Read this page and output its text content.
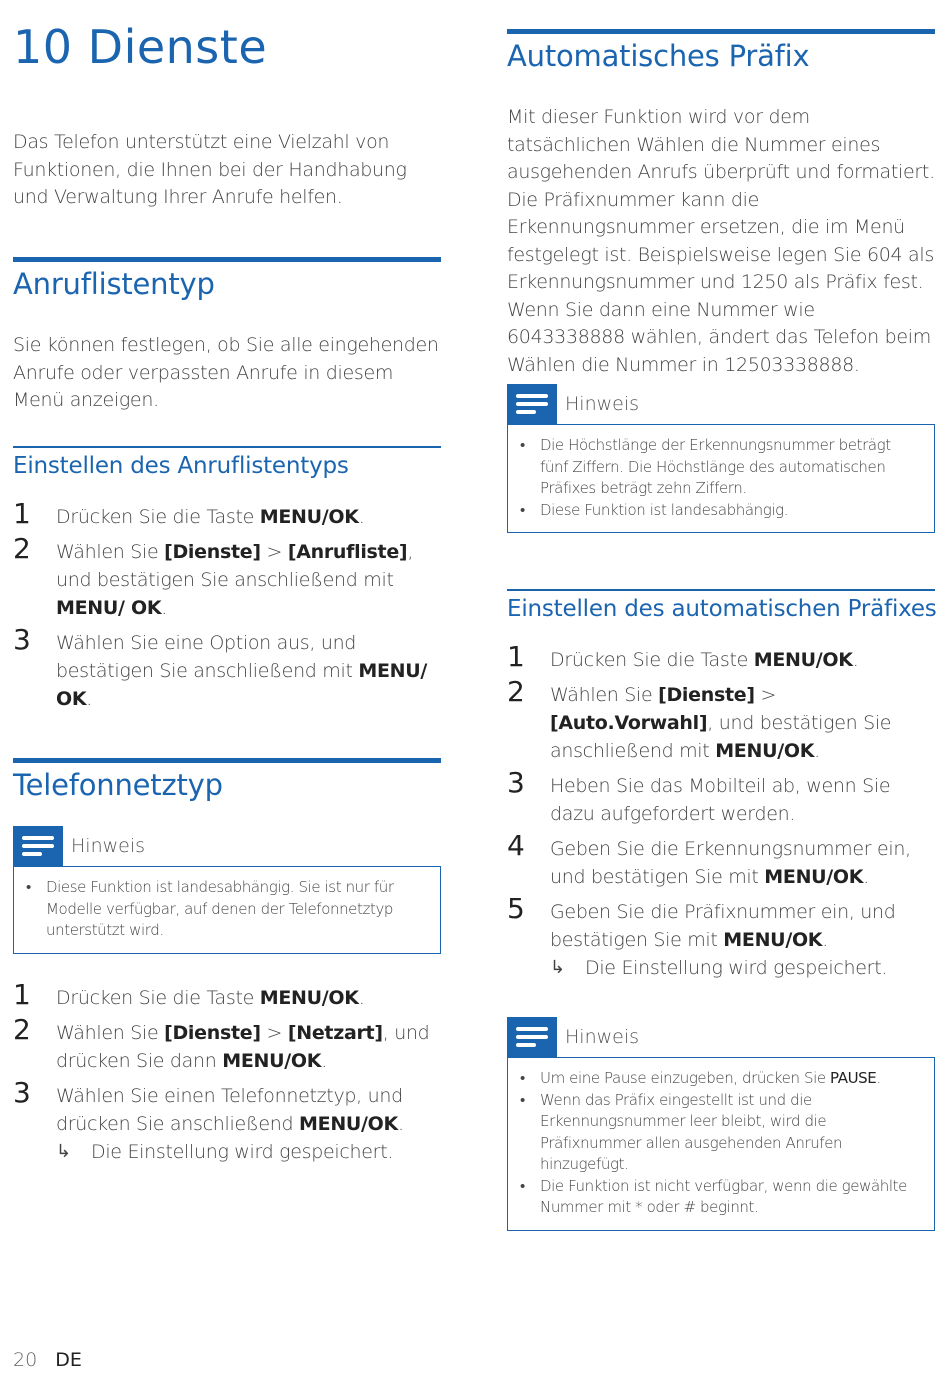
10 Dienste

Das Telefon unterstützt eine Vielzahl von Funktionen, die Ihnen bei der Handhabung und Verwaltung Ihrer Anrufe helfen.

Anruflistentyp

Sie können festlegen, ob Sie alle eingehenden Anrufe oder verpassten Anrufe in diesem Menü anzeigen.

Einstellen des Anruflistentyps
1 Drücken Sie die Taste MENU/OK.
2 Wählen Sie [Dienste] > [Anrufliste], und bestätigen Sie anschließend mit MENU/ OK.
3 Wählen Sie eine Option aus, und bestätigen Sie anschließend mit MENU/ OK.
Telefonnetztyp
Hinweis
• Diese Funktion ist landesabhängig. Sie ist nur für Modelle verfügbar, auf denen der Telefonnetztyp unterstützt wird.
1 Drücken Sie die Taste MENU/OK.
2 Wählen Sie [Dienste] > [Netzart], und drücken Sie dann MENU/OK.
3 Wählen Sie einen Telefonnetztyp, und drücken Sie anschließend MENU/OK.
↳ Die Einstellung wird gespeichert.
Automatisches Präfix

Mit dieser Funktion wird vor dem tatsächlichen Wählen die Nummer eines ausgehenden Anrufs überprüft und formatiert. Die Präfixnummer kann die Erkennungsnummer ersetzen, die im Menü festgelegt ist. Beispielsweise legen Sie 604 als Erkennungsnummer und 1250 als Präfix fest. Wenn Sie dann eine Nummer wie 6043338888 wählen, ändert das Telefon beim Wählen die Nummer in 12503338888.

Hinweis
• Die Höchstlänge der Erkennungsnummer beträgt fünf Ziffern. Die Höchstlänge des automatischen Präfixes beträgt zehn Ziffern.
• Diese Funktion ist landesabhängig.
Einstellen des automatischen Präfixes
1 Drücken Sie die Taste MENU/OK.
2 Wählen Sie [Dienste] > [Auto.Vorwahl], und bestätigen Sie anschließend mit MENU/OK.
3 Heben Sie das Mobilteil ab, wenn Sie dazu aufgefordert werden.
4 Geben Sie die Erkennungsnummer ein, und bestätigen Sie mit MENU/OK.
5 Geben Sie die Präfixnummer ein, und bestätigen Sie mit MENU/OK.
↳ Die Einstellung wird gespeichert.
Hinweis
• Um eine Pause einzugeben, drücken Sie PAUSE.
• Wenn das Präfix eingestellt ist und die Erkennungsnummer leer bleibt, wird die Präfixnummer allen ausgehenden Anrufen hinzugefügt.
• Die Funktion ist nicht verfügbar, wenn die gewählte Nummer mit * oder # beginnt.
20 DE
